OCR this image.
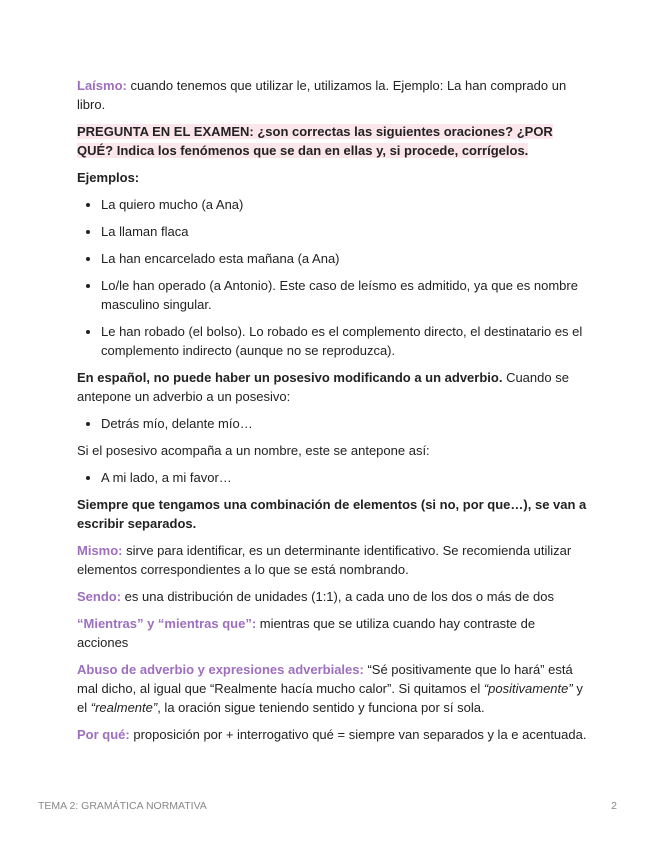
Laísmo: cuando tenemos que utilizar le, utilizamos la. Ejemplo: La han comprado un libro.

PREGUNTA EN EL EXAMEN: ¿son correctas las siguientes oraciones? ¿POR QUÉ? Indica los fenómenos que se dan en ellas y, si procede, corrígelos.

Ejemplos:

• La quiero mucho (a Ana)
• La llaman flaca
• La han encarcelado esta mañana (a Ana)
• Lo/le han operado (a Antonio). Este caso de leísmo es admitido, ya que es nombre masculino singular.
• Le han robado (el bolso). Lo robado es el complemento directo, el destinatario es el complemento indirecto (aunque no se reproduzca).

En español, no puede haber un posesivo modificando a un adverbio. Cuando se antepone un adverbio a un posesivo:

• Detrás mío, delante mío…

Si el posesivo acompaña a un nombre, este se antepone así:

• A mi lado, a mi favor…

Siempre que tengamos una combinación de elementos (si no, por que…), se van a escribir separados.

Mismo: sirve para identificar, es un determinante identificativo. Se recomienda utilizar elementos correspondientes a lo que se está nombrando.

Sendo: es una distribución de unidades (1:1), a cada uno de los dos o más de dos

“Mientras” y “mientras que”: mientras que se utiliza cuando hay contraste de acciones

Abuso de adverbio y expresiones adverbiales: “Sé positivamente que lo hará” está mal dicho, al igual que “Realmente hacía mucho calor”. Si quitamos el “positivamente” y el “realmente”, la oración sigue teniendo sentido y funciona por sí sola.

Por qué: proposición por + interrogativo qué = siempre van separados y la e acentuada.

TEMA 2: GRAMÁTICA NORMATIVA	2
